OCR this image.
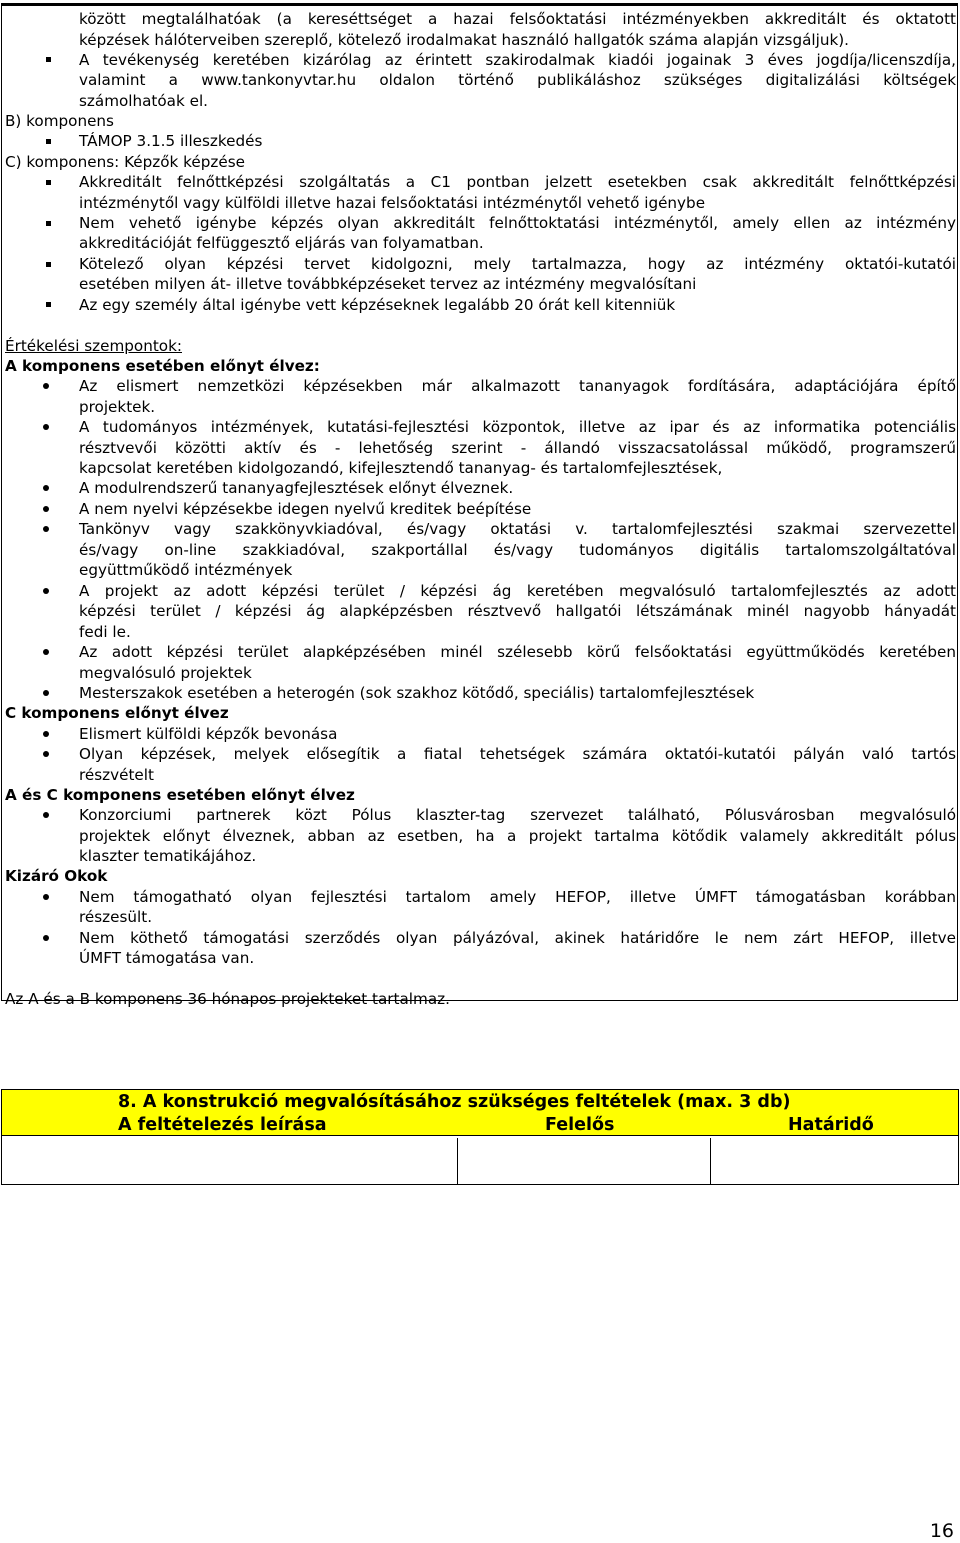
között megtalálhatóak (a kereséttséget a hazai felsőoktatási intézményekben akkreditált és oktatott
képzések hálóterveiben szereplő, kötelező irodalmakat használó hallgatók száma alapján vizsgáljuk).
A tevékenység keretében kizárólag az érintett szakirodalmak kiadói jogainak 3 éves jogdíja/licenszdíja,
valamint a www.tankonyvtar.hu oldalon történő publikáláshoz szükséges digitalizálási költségek
számolhatóak el.
B) komponens
TÁMOP 3.1.5 illeszkedés
C) komponens: Képzők képzése
Akkreditált felnőttképzési szolgáltatás a C1 pontban jelzett esetekben csak akkreditált felnőttképzési
intézménytől vagy külföldi illetve hazai felsőoktatási intézménytől vehető igénybe
Nem vehető igénybe képzés olyan akkreditált felnőttoktatási intézménytől, amely ellen az intézmény
akkreditációját felfüggesztő eljárás van folyamatban.
Kötelező olyan képzési tervet kidolgozni, mely tartalmazza, hogy az intézmény oktatói-kutatói
esetében milyen át- illetve továbbképzéseket tervez az intézmény megvalósítani
Az egy személy által igénybe vett képzéseknek legalább 20 órát kell kitenniük
Értékelési szempontok:
A komponens esetében előnyt élvez:
Az elismert nemzetközi képzésekben már alkalmazott tananyagok fordítására, adaptációjára építő
projektek.
A tudományos intézmények, kutatási-fejlesztési központok, illetve az ipar és az informatika potenciális
résztvevői közötti aktív és - lehetőség szerint - állandó visszacsatolással működő, programszerű
kapcsolat keretében kidolgozandó, kifejlesztendő tananyag- és tartalomfejlesztések,
A modulrendszerű tananyagfejlesztések előnyt élveznek.
A nem nyelvi képzésekbe idegen nyelvű kreditek beépítése
Tankönyv vagy szakkönyvkiadóval, és/vagy oktatási v. tartalomfejlesztési szakmai szervezettel
és/vagy on-line szakkiadóval, szakportállal és/vagy tudományos digitális tartalomszolgáltatóval
együttműködő intézmények
A projekt az adott képzési terület / képzési ág keretében megvalósuló tartalomfejlesztés az adott
képzési terület / képzési ág alapképzésben résztvevő hallgatói létszámának minél nagyobb hányadát
fedi le.
Az adott képzési terület alapképzésében minél szélesebb körű felsőoktatási együttműködés keretében
megvalósuló projektek
Mesterszakok esetében a heterogén (sok szakhoz kötődő, speciális) tartalomfejlesztések
C komponens előnyt élvez
Elismert külföldi képzők bevonása
Olyan képzések, melyek elősegítik a fiatal tehetségek számára oktatói-kutatói pályán való tartós
részvételt
A és C komponens esetében előnyt élvez
Konzorciumi partnerek közt Pólus klaszter-tag szervezet található, Pólusvárosban megvalósuló
projektek előnyt élveznek, abban az esetben, ha a projekt tartalma kötődik valamely akkreditált pólus
klaszter tematikájához.
Kizáró Okok
Nem támogatható olyan fejlesztési tartalom amely HEFOP, illetve ÚMFT támogatásban korábban
részesült.
Nem köthető támogatási szerződés olyan pályázóval, akinek határidőre le nem zárt HEFOP, illetve
ÚMFT támogatása van.
Az A és a B komponens 36 hónapos projekteket tartalmaz.
8. A konstrukció megvalósításához szükséges feltételek (max. 3 db)
A feltételezés leírása	Felelős	Határidő
16
